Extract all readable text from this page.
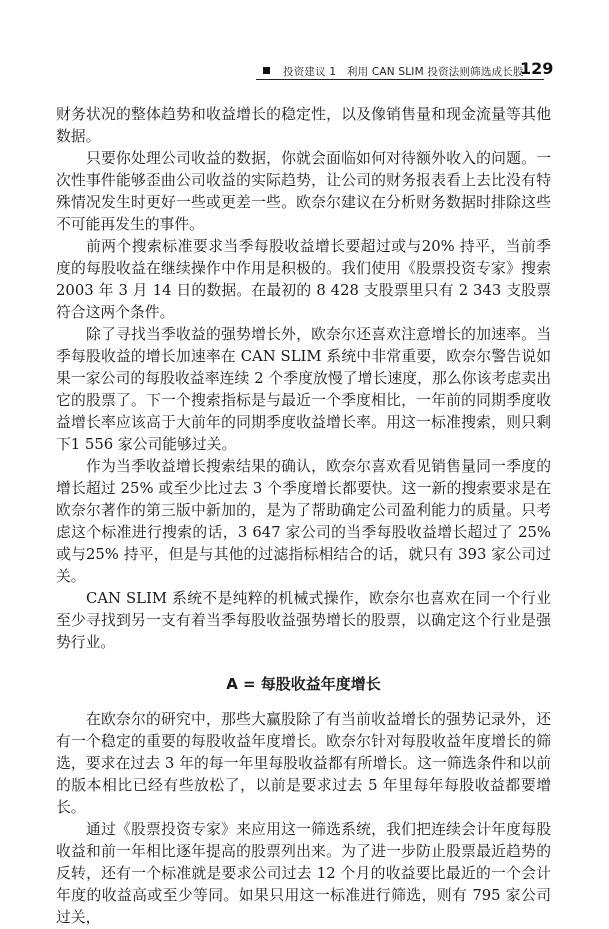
投资建议 1　利用 CAN SLIM 投资法则筛选成长股
129

财务状况的整体趋势和收益增长的稳定性，以及像销售量和现金流量等其他数据。

只要你处理公司收益的数据，你就会面临如何对待额外收入的问题。一次性事件能够歪曲公司收益的实际趋势，让公司的财务报表看上去比没有特殊情况发生时更好一些或更差一些。欧奈尔建议在分析财务数据时排除这些不可能再发生的事件。

前两个搜索标准要求当季每股收益增长要超过或与20% 持平，当前季度的每股收益在继续操作中作用是积极的。我们使用《股票投资专家》搜索2003 年 3 月 14 日的数据。在最初的 8 428 支股票里只有 2 343 支股票符合这两个条件。

除了寻找当季收益的强势增长外，欧奈尔还喜欢注意增长的加速率。当季每股收益的增长加速率在 CAN SLIM 系统中非常重要，欧奈尔警告说如果一家公司的每股收益率连续 2 个季度放慢了增长速度，那么你该考虑卖出它的股票了。下一个搜索指标是与最近一个季度相比，一年前的同期季度收益增长率应该高于大前年的同期季度收益增长率。用这一标准搜索，则只剩下1 556 家公司能够过关。

作为当季收益增长搜索结果的确认，欧奈尔喜欢看见销售量同一季度的增长超过 25% 或至少比过去 3 个季度增长都要快。这一新的搜索要求是在欧奈尔著作的第三版中新加的，是为了帮助确定公司盈利能力的质量。只考虑这个标准进行搜索的话，3 647 家公司的当季每股收益增长超过了 25% 或与25% 持平，但是与其他的过滤指标相结合的话，就只有 393 家公司过关。

CAN SLIM 系统不是纯粹的机械式操作，欧奈尔也喜欢在同一个行业至少寻找到另一支有着当季每股收益强势增长的股票，以确定这个行业是强势行业。

A = 每股收益年度增长

在欧奈尔的研究中，那些大赢股除了有当前收益增长的强势记录外，还有一个稳定的重要的每股收益年度增长。欧奈尔针对每股收益年度增长的筛选，要求在过去 3 年的每一年里每股收益都有所增长。这一筛选条件和以前的版本相比已经有些放松了，以前是要求过去 5 年里每年每股收益都要增长。

通过《股票投资专家》来应用这一筛选系统，我们把连续会计年度每股收益和前一年相比逐年提高的股票列出来。为了进一步防止股票最近趋势的反转，还有一个标准就是要求公司过去 12 个月的收益要比最近的一个会计年度的收益高或至少等同。如果只用这一标准进行筛选，则有 795 家公司过关，
